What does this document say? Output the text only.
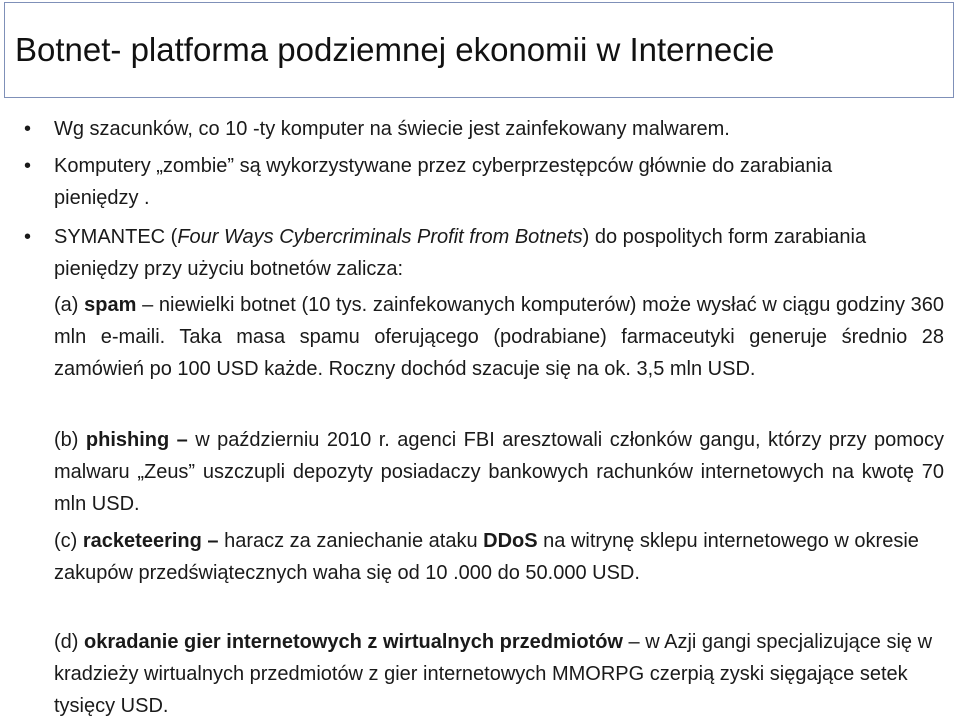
Botnet- platforma podziemnej ekonomii w Internecie
• Wg szacunków, co 10 -ty komputer na świecie jest zainfekowany malwarem.
• Komputery „zombie” są wykorzystywane przez cyberprzestępców głównie do zarabiania pieniędzy .
• SYMANTEC (Four Ways Cybercriminals Profit from Botnets) do pospolitych form zarabiania pieniędzy przy użyciu botnetów zalicza:
(a) spam – niewielki botnet (10 tys. zainfekowanych komputerów) może wysłać w ciągu godziny 360 mln e-maili. Taka masa spamu oferującego (podrabiane) farmaceutyki generuje średnio 28 zamówień po 100 USD każde. Roczny dochód szacuje się na ok. 3,5 mln USD.
(b) phishing – w październiu 2010 r. agenci FBI aresztowali członków gangu, którzy przy pomocy malwaru „Zeus” uszczupli depozyty posiadaczy bankowych rachunków internetowych na kwotę 70 mln USD.
(c) racketeering – haracz za zaniechanie ataku DDoS na witrynę sklepu internetowego w okresie zakupów przedświątecznych waha się od 10 .000 do 50.000 USD.
(d) okradanie gier internetowych z wirtualnych przedmiotów – w Azji gangi specjalizujące się w kradzieży wirtualnych przedmiotów z gier internetowych MMORPG czerpią zyski sięgające setek tysięcy USD.
